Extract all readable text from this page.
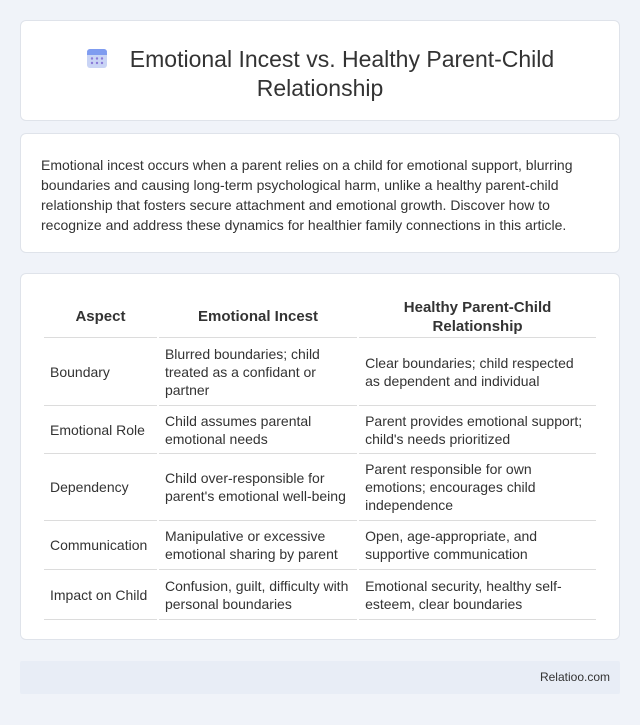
Emotional Incest vs. Healthy Parent-Child Relationship

Emotional incest occurs when a parent relies on a child for emotional support, blurring boundaries and causing long-term psychological harm, unlike a healthy parent-child relationship that fosters secure attachment and emotional growth. Discover how to recognize and address these dynamics for healthier family connections in this article.

Aspect	Emotional Incest	Healthy Parent-Child Relationship
Boundary	Blurred boundaries; child treated as a confidant or partner	Clear boundaries; child respected as dependent and individual
Emotional Role	Child assumes parental emotional needs	Parent provides emotional support; child's needs prioritized
Dependency	Child over-responsible for parent's emotional well-being	Parent responsible for own emotions; encourages child independence
Communication	Manipulative or excessive emotional sharing by parent	Open, age-appropriate, and supportive communication
Impact on Child	Confusion, guilt, difficulty with personal boundaries	Emotional security, healthy self-esteem, clear boundaries
Relatioo.com
